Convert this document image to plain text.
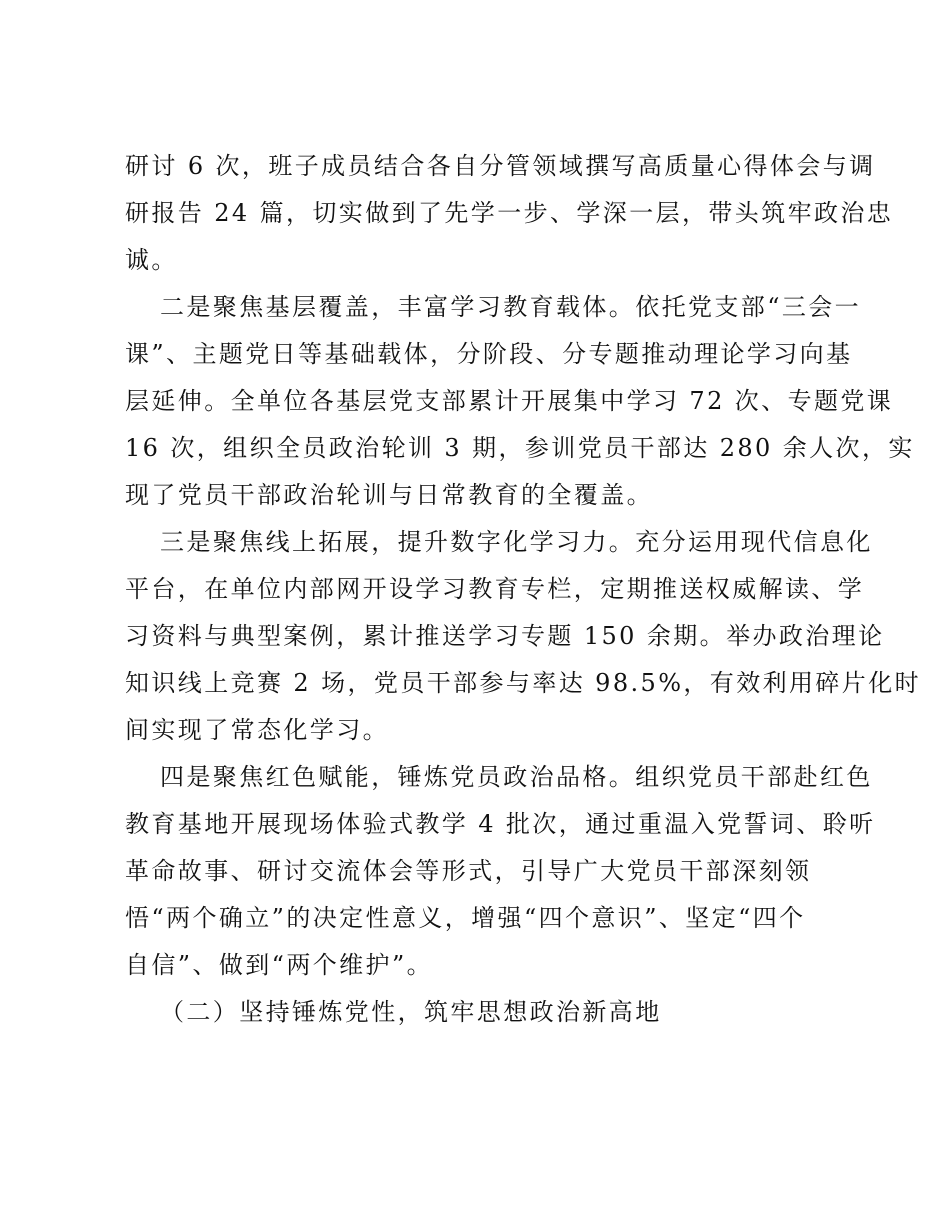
研讨 6 次，班子成员结合各自分管领域撰写高质量心得体会与调
研报告 24 篇，切实做到了先学一步、学深一层，带头筑牢政治忠
诚。

二是聚焦基层覆盖，丰富学习教育载体。依托党支部“三会一
课”、主题党日等基础载体，分阶段、分专题推动理论学习向基
层延伸。全单位各基层党支部累计开展集中学习 72 次、专题党课
16 次，组织全员政治轮训 3 期，参训党员干部达 280 余人次，实
现了党员干部政治轮训与日常教育的全覆盖。

三是聚焦线上拓展，提升数字化学习力。充分运用现代信息化
平台，在单位内部网开设学习教育专栏，定期推送权威解读、学
习资料与典型案例，累计推送学习专题 150 余期。举办政治理论
知识线上竞赛 2 场，党员干部参与率达 98.5%，有效利用碎片化时
间实现了常态化学习。

四是聚焦红色赋能，锤炼党员政治品格。组织党员干部赴红色
教育基地开展现场体验式教学 4 批次，通过重温入党誓词、聆听
革命故事、研讨交流体会等形式，引导广大党员干部深刻领
悟“两个确立”的决定性意义，增强“四个意识”、坚定“四个
自信”、做到“两个维护”。

（二）坚持锤炼党性，筑牢思想政治新高地
